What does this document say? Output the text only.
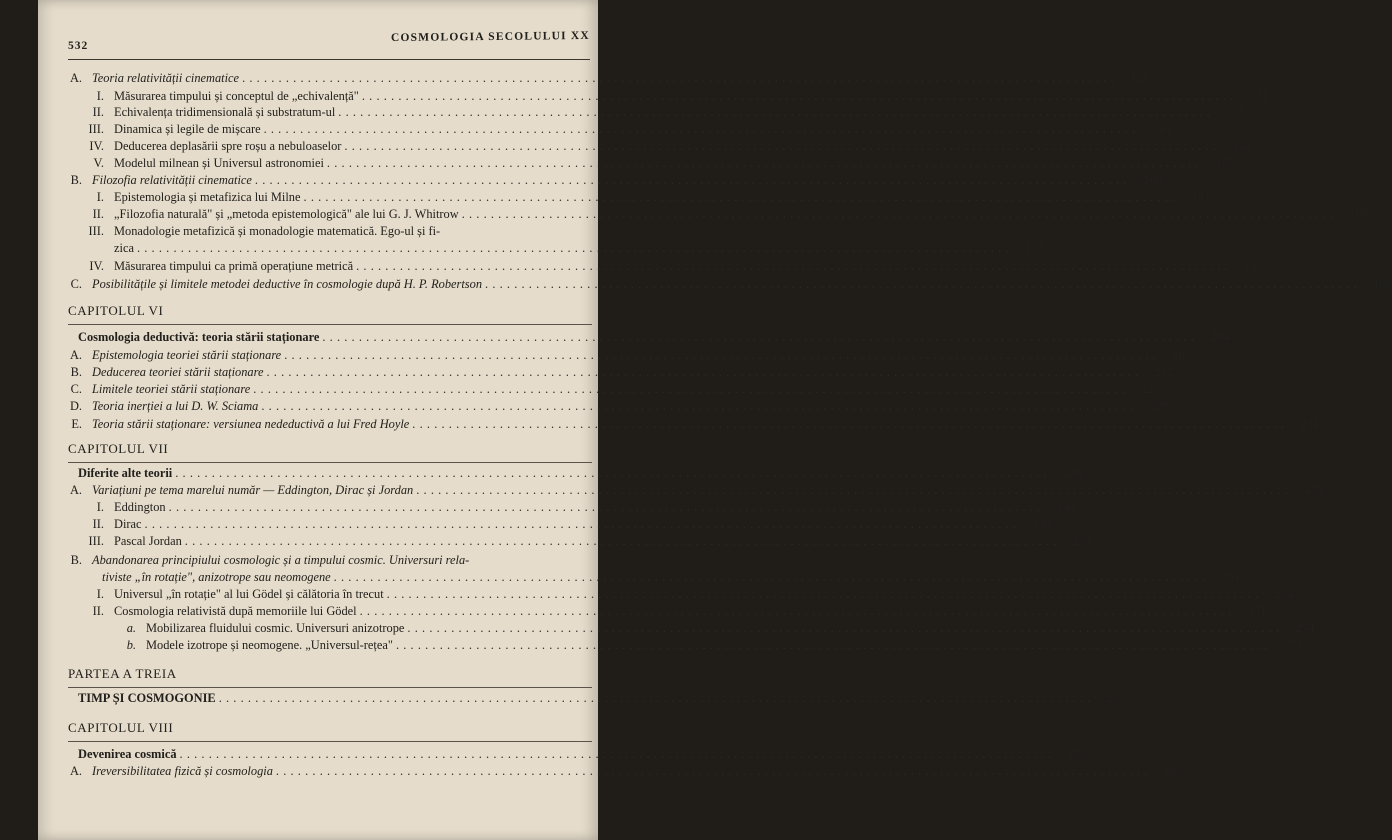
532
COSMOLOGIA SECOLULUI XX
A. Teoria relativității cinematice ........................................................................................................................	127
I. Măsurarea timpului și conceptul de „echivalență" ........................................................................................................................	131
II. Echivalența tridimensională și substratum-ul ........................................................................................................................	136
III. Dinamica și legile de mișcare ........................................................................................................................	143
IV. Deducerea deplasării spre roșu a nebuloaselor ........................................................................................................................	154
V. Modelul milnean și Universul astronomiei ........................................................................................................................	157
B. Filozofia relativității cinematice ........................................................................................................................	160
I. Epistemologia și metafizica lui Milne ........................................................................................................................	161
II. „Filozofia naturală" și „metoda epistemologică" ale lui G. J. Whitrow ........................................................................................................................	169
III. Monadologie metafizică și monadologie matematică. Ego-ul și fi-
zica ........................................................................................................................	178
IV. Măsurarea timpului ca primă operațiune metrică ........................................................................................................................	186
C. Posibilitățile și limitele metodei deductive în cosmologie după H. P. Robertson ........................................................................................................................	196
CAPITOLUL VI
Cosmologia deductivă: teoria stării staționare ........................................................................................................................	204
A. Epistemologia teoriei stării staționare ........................................................................................................................	206
B. Deducerea teoriei stării staționare ........................................................................................................................	212
C. Limitele teoriei stării staționare ........................................................................................................................	225
D. Teoria inerției a lui D. W. Sciama ........................................................................................................................	228
E. Teoria stării staționare: versiunea nedeductivă a lui Fred Hoyle ........................................................................................................................	234
CAPITOLUL VII
Diferite alte teorii ........................................................................................................................	245
A. Variațiuni pe tema marelui număr — Eddington, Dirac și Jordan ........................................................................................................................	245
I. Eddington ........................................................................................................................	246
II. Dirac ........................................................................................................................	249
III. Pascal Jordan ........................................................................................................................	255
B. Abandonarea principiului cosmologic și a timpului cosmic. Universuri rela-
tiviste „în rotație", anizotrope sau neomogene ........................................................................................................................	261
I. Universul „în rotație" al lui Gödel și călătoria în trecut ........................................................................................................................	264
II. Cosmologia relativistă după memoriile lui Gödel ........................................................................................................................	271
a. Mobilizarea fluidului cosmic. Universuri anizotrope ........................................................................................................................	274
b. Modele izotrope și neomogene. „Universul-rețea" ........................................................................................................................	277
PARTEA A TREIA
TIMP ȘI COSMOGONIE ........................................................................................................................	283
CAPITOLUL VIII
Devenirea cosmică ........................................................................................................................	285
A. Ireversibilitatea fizică și cosmologia ........................................................................................................................	287
